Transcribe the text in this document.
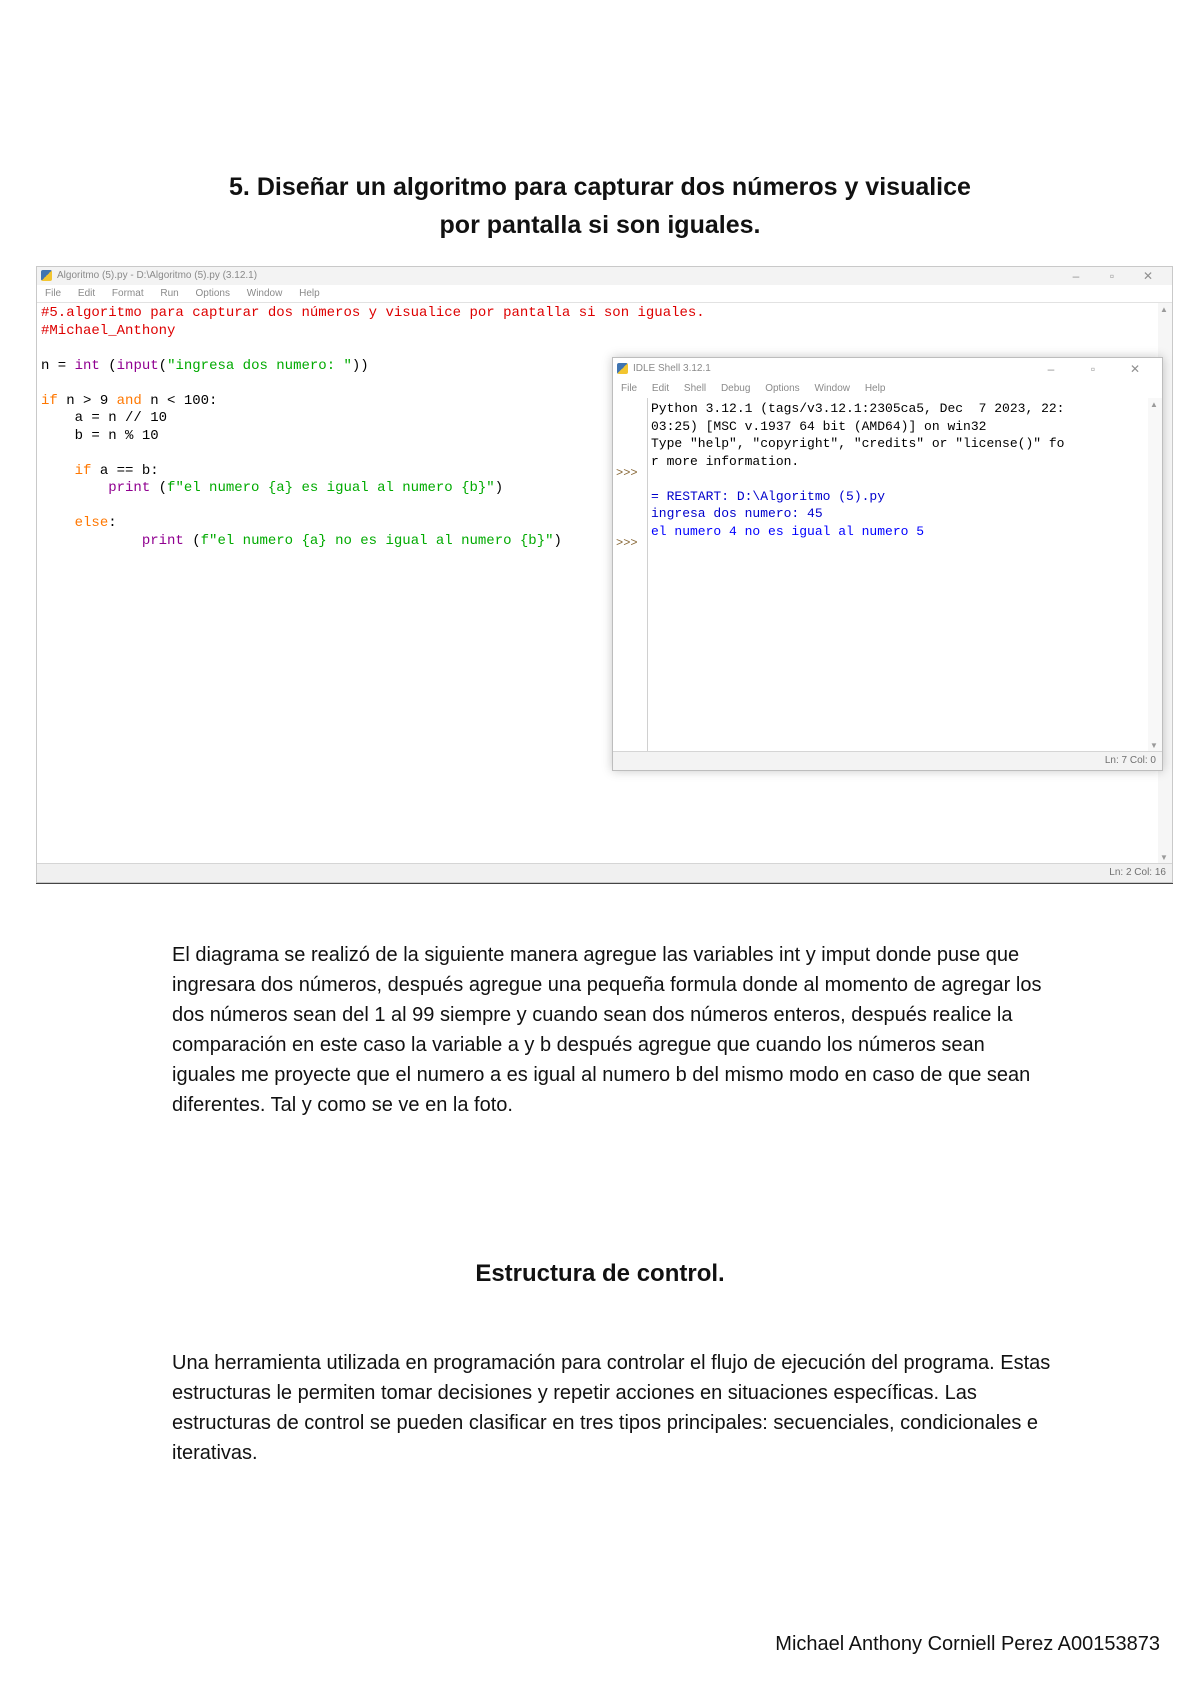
5. Diseñar un algoritmo para capturar dos números y visualice
por pantalla si son iguales.
Algoritmo (5).py - D:\Algoritmo (5).py (3.12.1)	–	▫	✕
File Edit Format Run Options Window Help
#5.algoritmo para capturar dos números y visualice por pantalla si son iguales.
#Michael_Anthony
n = int (input("ingresa dos numero: "))
if n > 9 and n < 100:
a = n // 10
b = n % 10
if a == b:
print (f"el numero {a} es igual al numero {b}")
else:
print (f"el numero {a} no es igual al numero {b}")
▲
▼
Ln: 2 Col: 16
IDLE Shell 3.12.1	–	▫	✕
File Edit Shell Debug Options Window Help
>>>
>>>
Python 3.12.1 (tags/v3.12.1:2305ca5, Dec  7 2023, 22:
03:25) [MSC v.1937 64 bit (AMD64)] on win32
Type "help", "copyright", "credits" or "license()" fo
r more information.
= RESTART: D:\Algoritmo (5).py
ingresa dos numero: 45
el numero 4 no es igual al numero 5
▲
▼
Ln: 7 Col: 0

El diagrama se realizó de la siguiente manera agregue las variables int y imput donde puse que ingresara dos números, después agregue una pequeña formula donde al momento de agregar los dos números sean del 1 al 99 siempre y cuando sean dos números enteros, después realice la comparación en este caso la variable a y b después agregue que cuando los números sean iguales me proyecte que el numero a es igual al numero b del mismo modo en caso de que sean diferentes. Tal y como se ve en la foto.

Estructura de control.

Una herramienta utilizada en programación para controlar el flujo de ejecución del programa. Estas estructuras le permiten tomar decisiones y repetir acciones en situaciones específicas. Las estructuras de control se pueden clasificar en tres tipos principales: secuenciales, condicionales e iterativas.

Michael Anthony Corniell Perez A00153873
